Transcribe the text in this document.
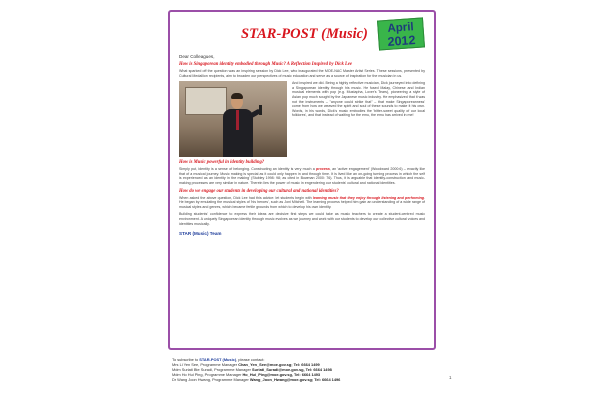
STAR-POST (Music)	April
2012
Dear Colleagues,
How is Singaporean identity embodied through Music? A Reflection Inspired by Dick Lee
What sparked off the question was an inspiring session by Dick Lee, who inaugurated the MOE-NAC Master Artist Series. These sessions, presented by Cultural Medallion recipients, aim to broaden our perspectives of music education and serve as a source of inspiration for the musician in us.
And inspired we did. Being a highly reflective musician, Dick journeyed into defining a Singaporean identity through his music. He fused Malay, Chinese and Indian musical elements with pop (e.g. Mustapha, Lover's Tears), pioneering a style of Asian pop much sought by the Japanese music industry. He emphasized that it was not the instruments – "anyone could strike that" – that make Singaporeanness' come from how we weaved the spirit and soul of these sounds to make it his own. Words, in his words, Dick's music embodies the 'bitter-sweet quality of our local folklores', and that instead of waiting for the emu, the emu has arrived in me!
How is Music powerful in identity building?
Simply put, identity is a sense of belonging. Constructing an identity is very much a process, an 'active engagement' (Woodward 2000:6) – exactly like that of a musical journey. Music making is special as it could only happen in and through time. It is lived like an on-going turning process in which the self is experienced as an identity in the making' (Stubley 1998: 98; as cited in Bowman 2000: 76). Thus, it is arguable that identity-construction and music-making processes are very similar in nature. Therein lies the power of music in engendering our students' cultural and national identities.
How do we engage our students in developing our cultural and national identities?
When asked the above question, Dick Lee had this advice: let students begin with learning music that they enjoy through listening and performing. He began by emulating the musical styles of 'his heroes', such as Joni Mitchell. The learning process helped him gain an understanding of a wide range of musical styles and genres, which became fertile grounds from which to develop his own identity.
Building students' confidence to express their ideas are decisive first steps we could take as music teachers to create a student-centred music environment. A uniquely Singaporean identity through music evolves as we journey and work with our students to develop our collective cultural voices and identities musically.
STAR (Music) Team
To subscribe to STAR-POST (Music), please contact:
Mrs Li Yen See, Programme Manager Chan_Yen_See@moe.gov.sg; Tel: 6664 1499
Mdm Suriati Bte Suradi, Programme Manager Suriati_Suradi@moe.gov.sg, Tel: 6664 1498
Mdm Ho Hui Ping, Programme Manager Ho_Hui_Ping@moe.gov.sg, Tel: 6664 1493
Dr Wang Joon Hwang, Programme Manager Wang_Joon_Hwang@moe.gov.sg; Tel: 6664 1496	1
